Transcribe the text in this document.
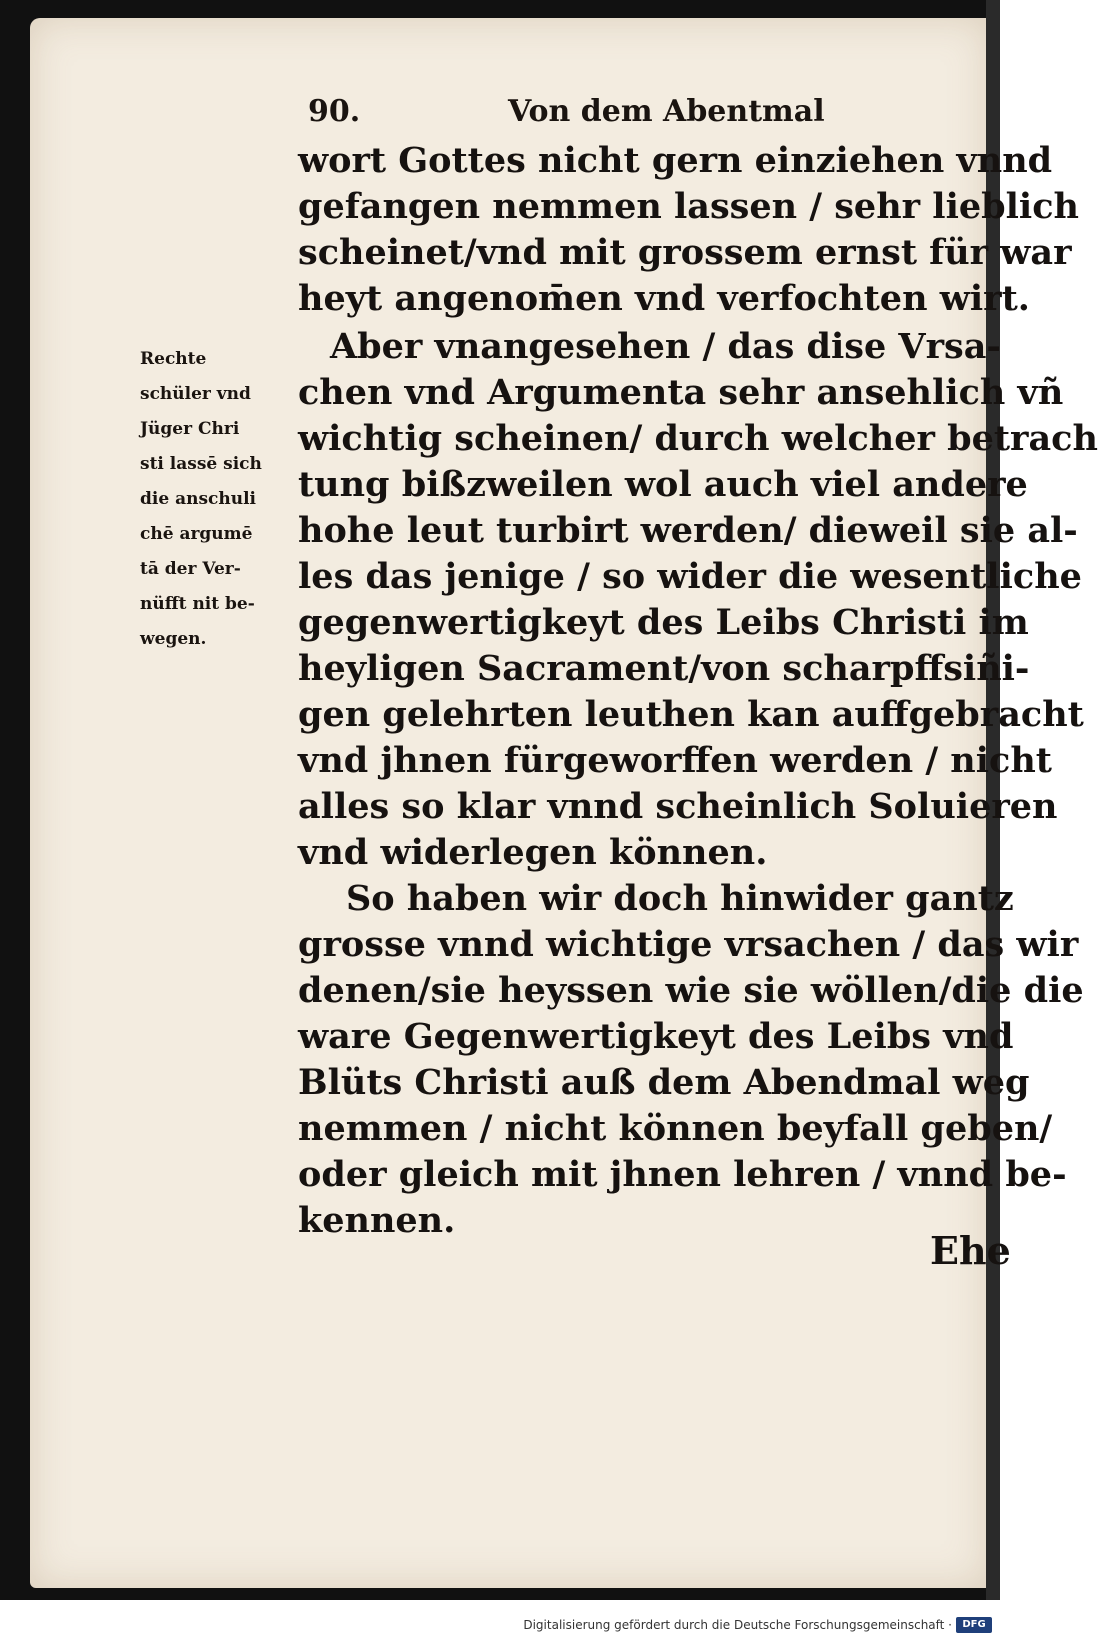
90.	Von dem Abentmal
Rechte
schüler vnd
Jüger Chri
sti lassē sich
die anschuli
chē argumē
tā der Ver-
nüfft nit be-
wegen.
wort Gottes nicht gern einziehen vnnd
gefangen nemmen lassen / sehr lieblich
scheinet/vnd mit grossem ernst für war
heyt angenom̄en vnd verfochten wirt.
Aber vnangesehen / das dise Vrsa-
chen vnd Argumenta sehr ansehlich vñ
wichtig scheinen/ durch welcher betrach
tung bißzweilen wol auch viel andere
hohe leut turbirt werden/ dieweil sie al-
les das jenige / so wider die wesentliche
gegenwertigkeyt des Leibs Christi im
heyligen Sacrament/von scharpffsiñi-
gen gelehrten leuthen kan auffgebracht
vnd jhnen fürgeworffen werden / nicht
alles so klar vnnd scheinlich Soluieren
vnd widerlegen können.
So haben wir doch hinwider gantz
grosse vnnd wichtige vrsachen / das wir
denen/sie heyssen wie sie wöllen/die die
ware Gegenwertigkeyt des Leibs vnd
Blüts Christi auß dem Abendmal weg
nemmen / nicht können beyfall geben/
oder gleich mit jhnen lehren / vnnd be-
kennen.
Ehe
Digitalisierung gefördert durch die Deutsche Forschungsgemeinschaft ·	DFG
